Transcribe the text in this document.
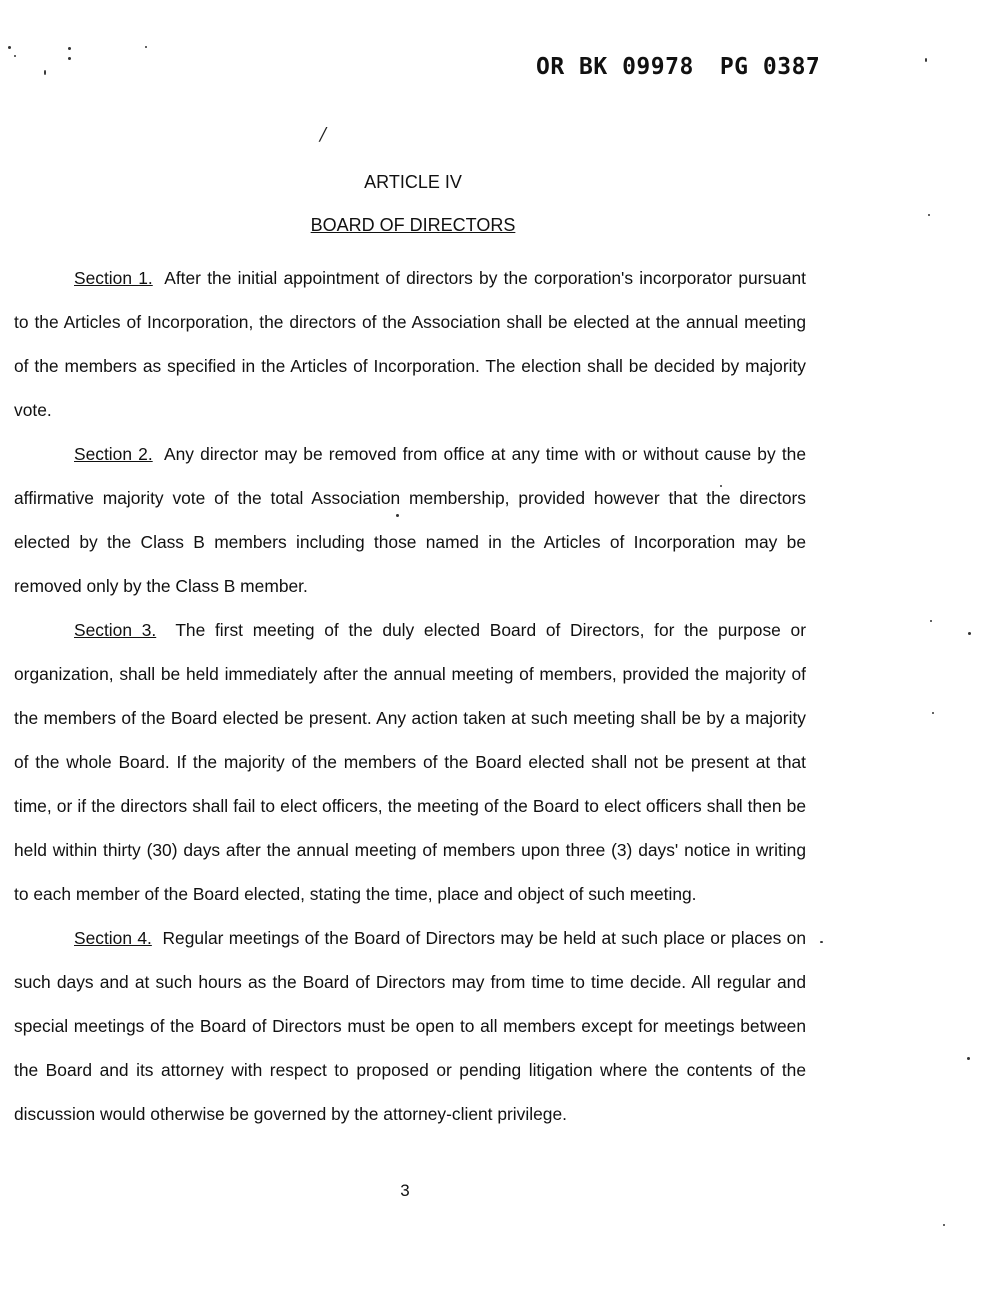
/
OR BK 09978 PG 0387
ARTICLE IV
BOARD OF DIRECTORS

Section 1. After the initial appointment of directors by the corporation's incorporator pursuant to the Articles of Incorporation, the directors of the Association shall be elected at the annual meeting of the members as specified in the Articles of Incorporation. The election shall be decided by majority vote.

Section 2. Any director may be removed from office at any time with or without cause by the affirmative majority vote of the total Association membership, provided however that the directors elected by the Class B members including those named in the Articles of Incorporation may be removed only by the Class B member.

Section 3. The first meeting of the duly elected Board of Directors, for the purpose or organization, shall be held immediately after the annual meeting of members, provided the majority of the members of the Board elected be present. Any action taken at such meeting shall be by a majority of the whole Board. If the majority of the members of the Board elected shall not be present at that time, or if the directors shall fail to elect officers, the meeting of the Board to elect officers shall then be held within thirty (30) days after the annual meeting of members upon three (3) days' notice in writing to each member of the Board elected, stating the time, place and object of such meeting.

Section 4. Regular meetings of the Board of Directors may be held at such place or places on such days and at such hours as the Board of Directors may from time to time decide. All regular and special meetings of the Board of Directors must be open to all members except for meetings between the Board and its attorney with respect to proposed or pending litigation where the contents of the discussion would otherwise be governed by the attorney-client privilege.

3
